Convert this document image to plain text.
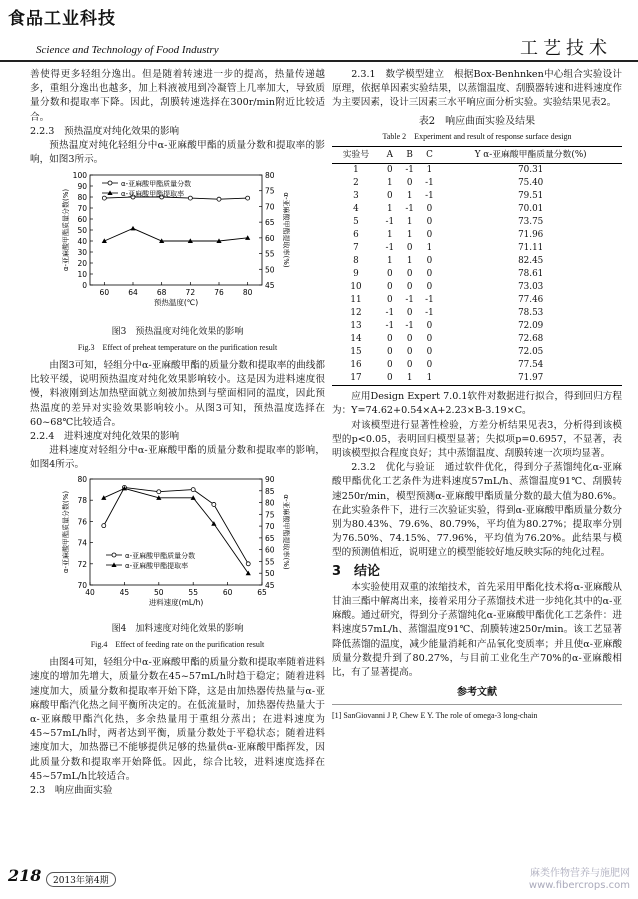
食品工业科技
Science and Technology of Food Industry	工艺技术

善使得更多轻组分逸出。但是随着转速进一步的提高，热量传递越多，重组分逸出也越多，加上料液被甩到冷凝管上几率加大，导致质量分数和提取率下降。因此，刮膜转速选择在300r/min附近比较适合。

2.2.3　预热温度对纯化效果的影响

预热温度对纯化轻组分中α-亚麻酸甲酯的质量分数和提取率的影响，如图3所示。

0
10
20
30
40
50
60
70
80
90
100
45
50
55
60
65
70
75
80
60	64	68	72	76	80
预热温度(℃)
α-亚麻酸甲酯质量分数(%)	α-亚麻酸甲酯提取率(%)
α-亚麻酸甲酯质量分数
α-亚麻酸甲酯提取率
图3　预热温度对纯化效果的影响
Fig.3　Effect of preheat temperature on the purification result

由图3可知，轻组分中α-亚麻酸甲酯的质量分数和提取率的曲线都比较平缓，说明预热温度对纯化效果影响较小。这是因为进料速度很慢，料液刚到达加热壁面就立刻被加热到与壁面相同的温度，因此预热温度的差异对实验效果影响较小。从图3可知，预热温度选择在60~68℃比较适合。

2.2.4　进料速度对纯化效果的影响

进料速度对轻组分中α-亚麻酸甲酯的质量分数和提取率的影响，如图4所示。

70
72
74
76
78
80
45
50
55
60
65
70
75
80
85
90
40	45	50	55	60	65
进料速度(mL/h)
α-亚麻酸甲酯质量分数(%)	α-亚麻酸甲酯提取率(%)
α-亚麻酸甲酯质量分数
α-亚麻酸甲酯提取率
图4　加料速度对纯化效果的影响
Fig.4　Effect of feeding rate on the purification result

由图4可知，轻组分中α-亚麻酸甲酯的质量分数和提取率随着进料速度的增加先增大，质量分数在45~57mL/h时趋于稳定；随着进料速度加大，质量分数和提取率开始下降，这是由加热器传热量与α-亚麻酸甲酯汽化热之间平衡所决定的。在低流量时，加热器传热量大于α-亚麻酸甲酯汽化热，多余热量用于重组分蒸出；在进料速度为45~57mL/h时，两者达到平衡，质量分数处于平稳状态；随着进料速度加大，加热器已不能够提供足够的热量供α-亚麻酸甲酯挥发，因此质量分数和提取率开始降低。因此，综合比较，进料速度选择在45~57mL/h比较适合。

2.3　响应曲面实验

2.3.1　数学模型建立　根据Box-Benhnken中心组合实验设计原理，依据单因素实验结果，以蒸馏温度、刮膜器转速和进料速度作为主要因素，设计三因素三水平响应面分析实验。实验结果见表2。

表2　响应曲面实验及结果
Table 2　Experiment and result of response surface design
实验号	A	B	C	Y α-亚麻酸甲酯质量分数(%)
1	0	-1	1	70.31
2	1	0	-1	75.40
3	0	1	-1	79.51
4	1	-1	0	70.01
5	-1	1	0	73.75
6	1	1	0	71.96
7	-1	0	1	71.11
8	1	1	0	82.45
9	0	0	0	78.61
10	0	0	0	73.03
11	0	-1	-1	77.46
12	-1	0	-1	78.53
13	-1	-1	0	72.09
14	0	0	0	72.68
15	0	0	0	72.05
16	0	0	0	77.54
17	0	1	1	71.97

应用Design Expert 7.0.1软件对数据进行拟合，得到回归方程为：Y=74.62+0.54×A+2.23×B-3.19×C。

对该模型进行显著性检验，方差分析结果见表3，分析得到该模型的p<0.05，表明回归模型显著；失拟项p=0.6957，不显著，表明该模型拟合程度良好；其中蒸馏温度、刮膜转速一次项均显著。

2.3.2　优化与验证　通过软件优化，得到分子蒸馏纯化α-亚麻酸甲酯优化工艺条件为进料速度57mL/h、蒸馏温度91℃、刮膜转速250r/min，模型预测α-亚麻酸甲酯质量分数的最大值为80.6%。在此实验条件下，进行三次验证实验，得到α-亚麻酸甲酯质量分数分别为80.43%、79.6%、80.79%，平均值为80.27%；提取率分别为76.50%、74.15%、77.96%，平均值为76.20%。此结果与模型的预测值相近，说明建立的模型能较好地反映实际的纯化过程。

3　结论

本实验使用双重的浓缩技术，首先采用甲酯化技术将α-亚麻酸从甘油三酯中解离出来，接着采用分子蒸馏技术进一步纯化其中的α-亚麻酸。通过研究，得到分子蒸馏纯化α-亚麻酸甲酯优化工艺条件：进料速度57mL/h、蒸馏温度91℃、刮膜转速250r/min。该工艺显著降低蒸馏的温度，减少能量消耗和产品氧化变质率；并且使α-亚麻酸质量分数提升到了80.27%，与目前工业化生产70%的α-亚麻酸相比，有了显著提高。

参考文献
[1] SanGiovanni J P, Chew E Y. The role of omega-3 long-chain
218	2013年第4期
麻类作物营养与施肥网
www.fibercrops.com
